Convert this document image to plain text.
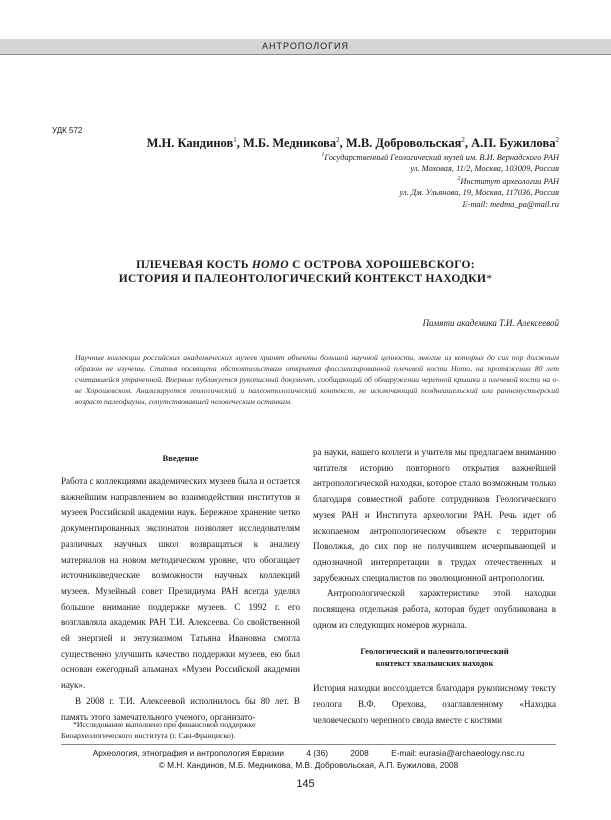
АНТРОПОЛОГИЯ
УДК 572
М.Н. Кандинов$^1$, М.Б. Медникова$^2$, М.В. Добровольская$^2$, А.П. Бужилова$^2$
$^1$Государственный Геологический музей им. В.И. Вернадского РАН
ул. Моховая, 11/2, Москва, 103009, Россия
$^2$Институт археологии РАН
ул. Дм. Ульянова, 19, Москва, 117036, Россия
E-mail: medma_pa@mail.ru
ПЛЕЧЕВАЯ КОСТЬ HOMO С ОСТРОВА ХОРОШЕВСКОГО:
ИСТОРИЯ И ПАЛЕОНТОЛОГИЧЕСКИЙ КОНТЕКСТ НАХОДКИ*
Памяти академика Т.И. Алексеевой
Научные коллекции российских академических музеев хранят объекты большой научной ценности, многие из которых до сих пор должным образом не изучены. Статья посвящена обстоятельствам открытия фоссилизированной плечевой кости Homo, на протяжении 80 лет считавшейся утраченной. Впервые публикуется рукописный документ, сообщающий об обнаружении черепной крышки и плечевой кости на о-ве Хорошевском. Анализируется геологический и палеонтологический контекст, не исключающий позднеашельский или раннемустьерский возраст палеофауны, сопутствовавшей человеческим останкам.
Введение

Работа с коллекциями академических музеев была и остается важнейшим направлением во взаимодействии институтов и музеев Российской академии наук. Бережное хранение четко документированных экспонатов позволяет исследователям различных научных школ возвращаться к анализу материалов на новом методическом уровне, что обогащает источниковедческие возможности научных коллекций музеев. Музейный совет Президиума РАН всегда уделял большое внимание поддержке музеев. С 1992 г. его возглавляла академик РАН Т.И. Алексеева. Со свойственной ей энергией и энтузиазмом Татьяна Ивановна смогла существенно улучшить качество поддержки музеев, ею был основан ежегодный альманах «Музеи Российской академии наук».

В 2008 г. Т.И. Алексеевой исполнилось бы 80 лет. В память этого замечательного ученого, организато-

*Исследование выполнено при финансовой поддержке Биоархеологического института (г. Сан-Франциско).

ра науки, нашего коллеги и учителя мы предлагаем вниманию читателя историю повторного открытия важнейшей антропологической находки, которое стало возможным только благодаря совместной работе сотрудников Геологического музея РАН и Института археологии РАН. Речь идет об ископаемом антропологическом объекте с территории Поволжья, до сих пор не получившем исчерпывающей и однозначной интерпретации в трудах отечественных и зарубежных специалистов по эволюционной антропологии.

Антропологической характеристике этой находки посвящена отдельная работа, которая будет опубликована в одном из следующих номеров журнала.

Геологический и палеонтологический
контекст хвалынских находок

История находки воссоздается благодаря рукописному тексту геолога В.Ф. Орехова, озаглавленному «Находка человеческого черепного свода вместе с костями

Археология, этнография и антропология Евразии	4 (36)	2008	E-mail: eurasia@archaeology.nsc.ru
© М.Н. Кандинов, М.Б. Медникова, М.В. Добровольская, А.П. Бужилова, 2008
145
